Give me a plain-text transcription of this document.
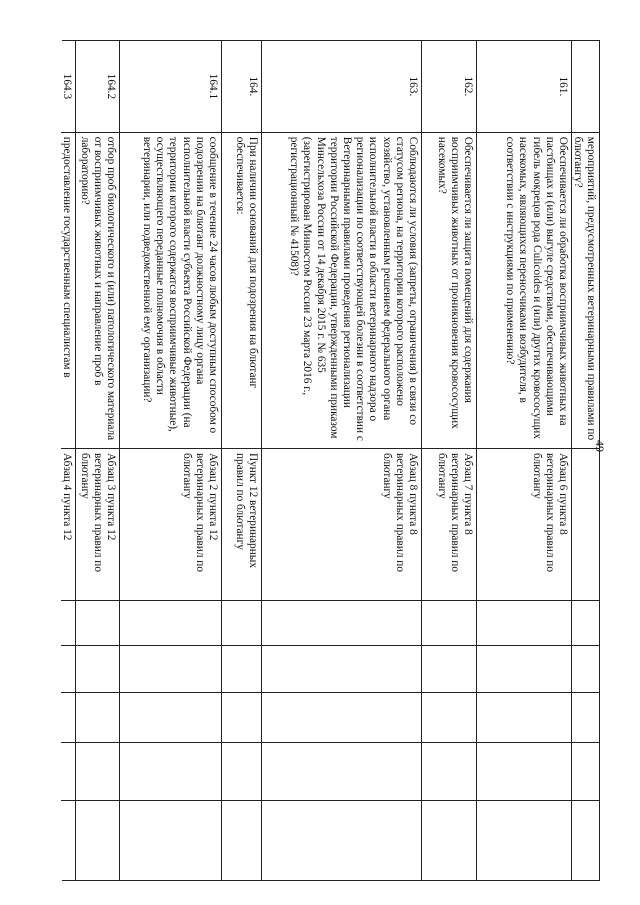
49
мероприятий, предусмотренных ветеринарными правилами по блютангу?
161.
Обеспечивается ли обработка восприимчивых животных на пастбищах и (или) выгуле средствами, обеспечивающими гибель мокрецов рода Culicoides и (или) других кровососущих насекомых, являющихся переносчиками возбудителя, в соответствии с инструкциями по применению?
Абзац 6 пункта 8 ветеринарных правил по блютангу
162.
Обеспечивается ли защита помещений для содержания восприимчивых животных от проникновения кровососущих насекомых?
Абзац 7 пункта 8 ветеринарных правил по блютангу
163.
Соблюдаются ли условия (запреты, ограничения) в связи со статусом региона, на территории которого расположено хозяйство, установленным решением федерального органа исполнительной власти в области ветеринарного надзора о регионализации по соответствующей болезни в соответствии с Ветеринарными правилами проведения регионализации территории Российской Федерации, утвержденными приказом Минсельхоза России от 14 декабря 2015 г. № 635 (зарегистрирован Минюстом России 23 марта 2016 г., регистрационный № 41508)?
Абзац 8 пункта 8 ветеринарных правил по блютангу
164.
При наличии оснований для подозрения на блютанг обеспечивается:
Пункт 12 ветеринарных правил по блютангу
164.1
сообщение в течение 24 часов любым доступным способом о подозрении на блютанг должностному лицу органа исполнительной власти субъекта Российской Федерации (на территории которого содержатся восприимчивые животные), осуществляющего переданные полномочия в области ветеринарии, или подведомственной ему организации?
Абзац 2 пункта 12 ветеринарных правил по блютангу
164.2
отбор проб биологического и (или) патологического материала от восприимчивых животных и направление проб в лабораторию?
Абзац 3 пункта 12 ветеринарных правил по блютангу
164.3
предоставление государственным специалистам в
Абзац 4 пункта 12
